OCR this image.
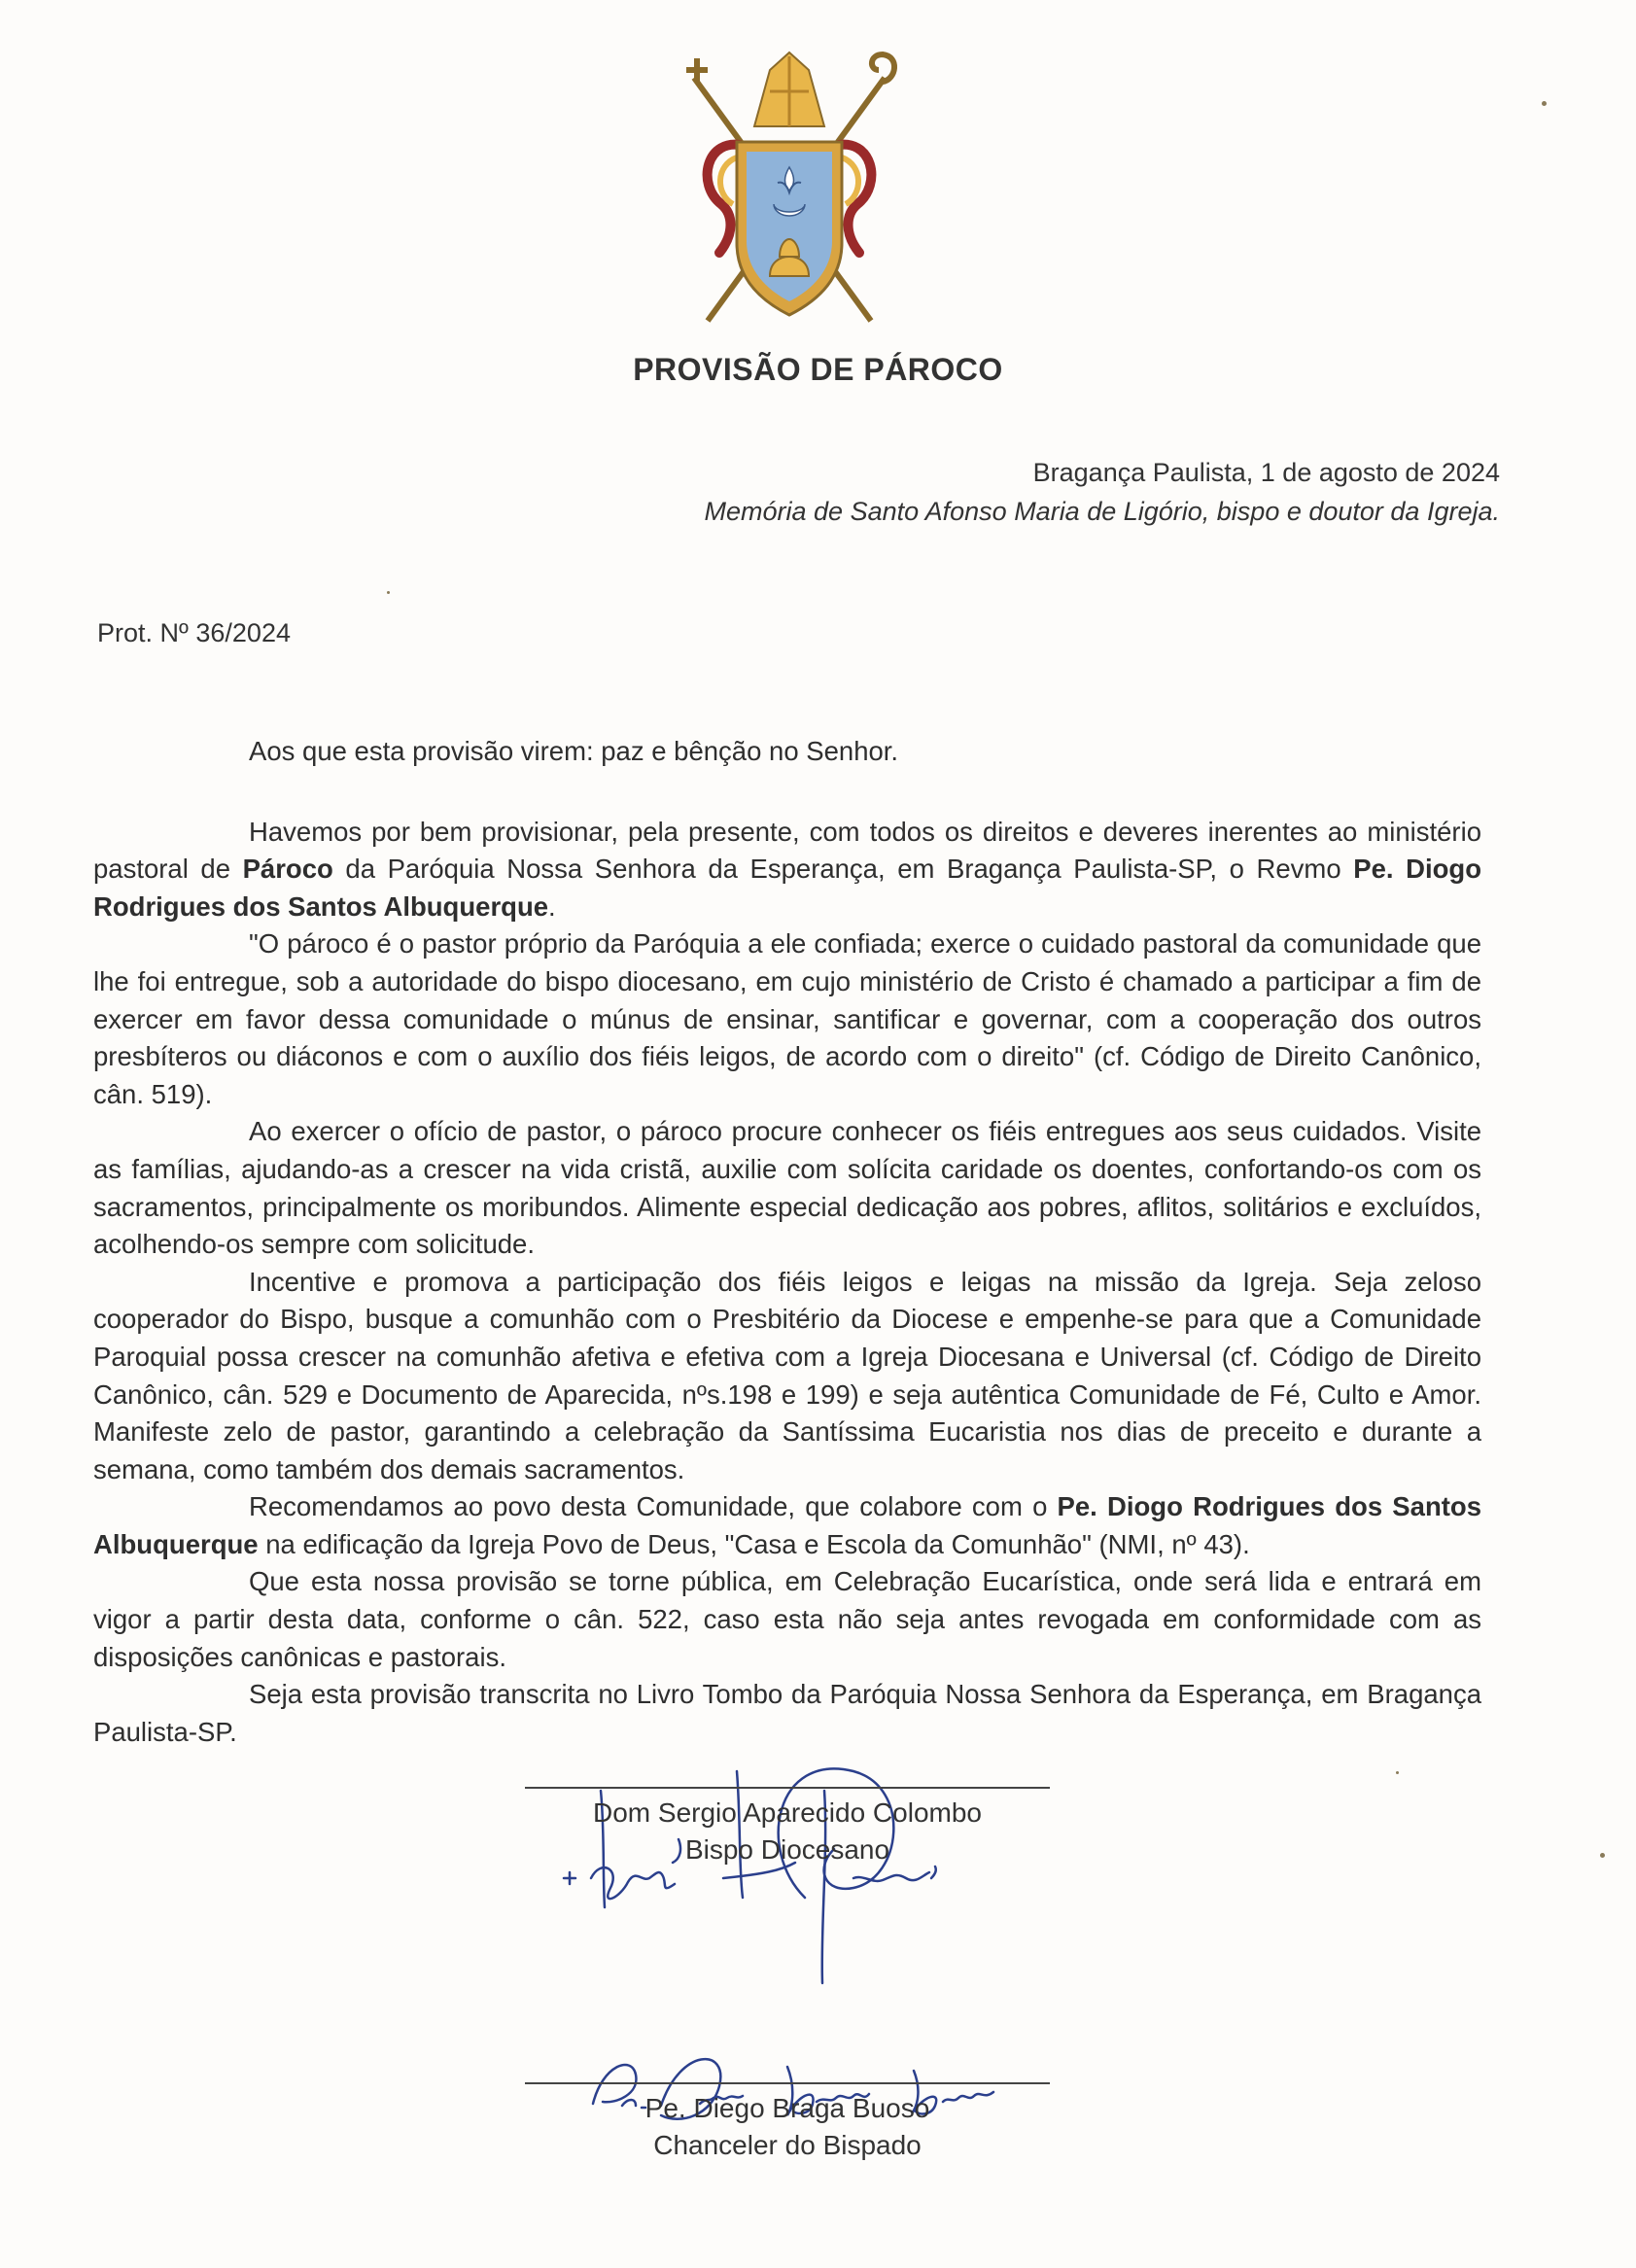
PROVISÃO DE PÁROCO
Bragança Paulista, 1 de agosto de 2024
Memória de Santo Afonso Maria de Ligório, bispo e doutor da Igreja.
Prot. Nº 36/2024

Aos que esta provisão virem: paz e bênção no Senhor.

Havemos por bem provisionar, pela presente, com todos os direitos e deveres inerentes ao ministério pastoral de Pároco da Paróquia Nossa Senhora da Esperança, em Bragança Paulista-SP, o Revmo Pe. Diogo Rodrigues dos Santos Albuquerque.

"O pároco é o pastor próprio da Paróquia a ele confiada; exerce o cuidado pastoral da comunidade que lhe foi entregue, sob a autoridade do bispo diocesano, em cujo ministério de Cristo é chamado a participar a fim de exercer em favor dessa comunidade o múnus de ensinar, santificar e governar, com a cooperação dos outros presbíteros ou diáconos e com o auxílio dos fiéis leigos, de acordo com o direito" (cf. Código de Direito Canônico, cân. 519).

Ao exercer o ofício de pastor, o pároco procure conhecer os fiéis entregues aos seus cuidados. Visite as famílias, ajudando-as a crescer na vida cristã, auxilie com solícita caridade os doentes, confortando-os com os sacramentos, principalmente os moribundos. Alimente especial dedicação aos pobres, aflitos, solitários e excluídos, acolhendo-os sempre com solicitude.

Incentive e promova a participação dos fiéis leigos e leigas na missão da Igreja. Seja zeloso cooperador do Bispo, busque a comunhão com o Presbitério da Diocese e empenhe-se para que a Comunidade Paroquial possa crescer na comunhão afetiva e efetiva com a Igreja Diocesana e Universal (cf. Código de Direito Canônico, cân. 529 e Documento de Aparecida, nºs.198 e 199) e seja autêntica Comunidade de Fé, Culto e Amor. Manifeste zelo de pastor, garantindo a celebração da Santíssima Eucaristia nos dias de preceito e durante a semana, como também dos demais sacramentos.

Recomendamos ao povo desta Comunidade, que colabore com o Pe. Diogo Rodrigues dos Santos Albuquerque na edificação da Igreja Povo de Deus, "Casa e Escola da Comunhão" (NMI, nº 43).

Que esta nossa provisão se torne pública, em Celebração Eucarística, onde será lida e entrará em vigor a partir desta data, conforme o cân. 522, caso esta não seja antes revogada em conformidade com as disposições canônicas e pastorais.

Seja esta provisão transcrita no Livro Tombo da Paróquia Nossa Senhora da Esperança, em Bragança Paulista-SP.

Dom Sergio Aparecido Colombo
Bispo Diocesano
Pe. Diego Braga Buoso
Chanceler do Bispado
